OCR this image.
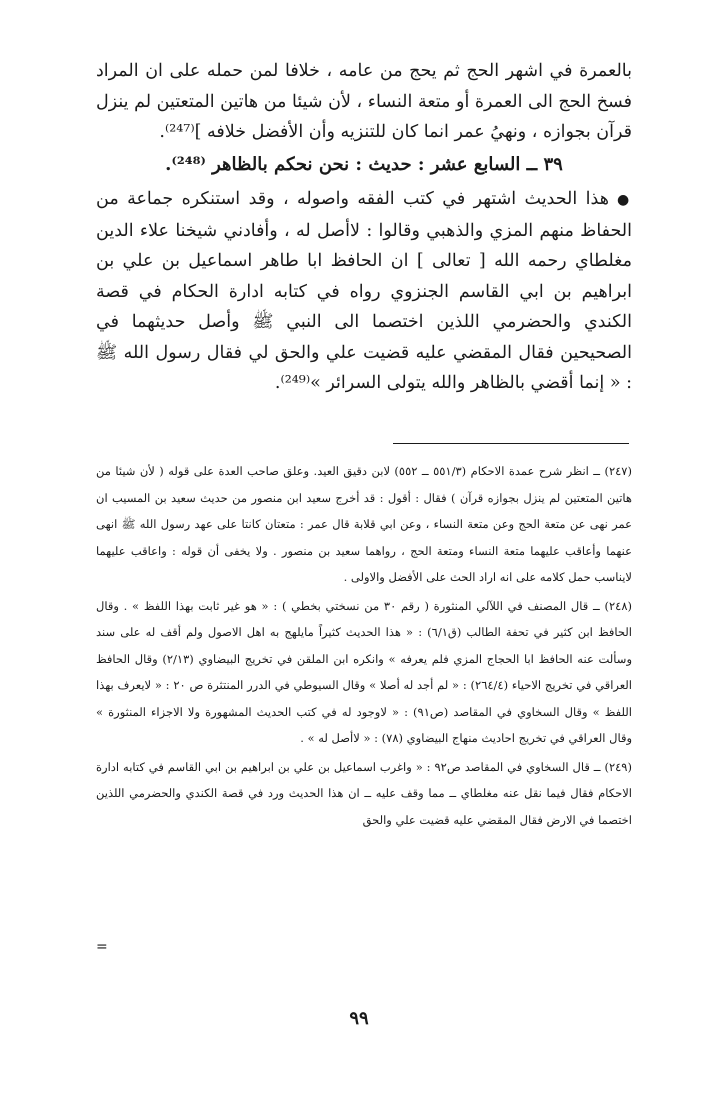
بالعمرة في اشهر الحج ثم يحج من عامه ، خلافا لمن حمله على ان المراد فسخ الحج الى العمرة أو متعة النساء ، لأن شيئا من هاتين المتعتين لم ينزل قرآن بجوازه ، ونهيُ عمر انما كان للتنزيه وأن الأفضل خلافه ]⁽²⁴⁷⁾.

٣٩ ــ السابع عشر : حديث : نحن نحكم بالظاهر ⁽²⁴⁸⁾.

●هذا الحديث اشتهر في كتب الفقه واصوله ، وقد استنكره جماعة من الحفاظ منهم المزي والذهبي وقالوا : لاأصل له ، وأفادني شيخنا علاء الدين مغلطاي رحمه الله [ تعالى ] ان الحافظ ابا طاهر اسماعيل بن علي بن ابراهيم بن ابي القاسم الجنزوي رواه في كتابه ادارة الحكام في قصة الكندي والحضرمي اللذين اختصما الى النبي ﷺ وأصل حديثهما في الصحيحين فقال المقضي عليه قضيت علي والحق لي فقال رسول الله ﷺ : « إنما أقضي بالظاهر والله يتولى السرائر »⁽²⁴⁹⁾.

(٢٤٧) ــ انظر شرح عمدة الاحكام (٥٥١/٣ ــ ٥٥٢) لابن دقيق العيد. وعلق صاحب العدة على قوله ( لأن شيئا من هاتين المتعتين لم ينزل بجوازه قرآن ) فقال : أقول : قد أخرج سعيد ابن منصور من حديث سعيد بن المسيب ان عمر نهى عن متعة الحج وعن متعة النساء ، وعن ابي قلابة قال عمر : متعتان كانتا على عهد رسول الله ﷺ انهى عنهما وأعاقب عليهما متعة النساء ومتعة الحج ، رواهما سعيد بن منصور . ولا يخفى أن قوله : واعاقب عليهما لايناسب حمل كلامه على انه اراد الحث على الأفضل والاولى .

(٢٤٨) ــ قال المصنف في اللآلي المنثورة ( رقم ٣٠ من نسختي بخطي ) : « هو غير ثابت بهذا اللفظ » . وقال الحافظ ابن كثير في تحفة الطالب (ق٦/١) : « هذا الحديث كثيراً مايلهج به اهل الاصول ولم أقف له على سند وسألت عنه الحافظ ابا الحجاج المزي فلم يعرفه » وانكره ابن الملقن في تخريج البيضاوي (٢/١٣) وقال الحافظ العراقي في تخريج الاحياء (٢٦٤/٤) : « لم أجد له أصلا » وقال السيوطي في الدرر المنتثرة ص ٢٠ : « لايعرف بهذا اللفظ » وقال السخاوي في المقاصد (ص٩١) : « لاوجود له في كتب الحديث المشهورة ولا الاجزاء المنثورة » وقال العراقي في تخريج احاديث منهاج البيضاوي (٧٨) : « لاأصل له » .

(٢٤٩) ــ قال السخاوي في المقاصد ص٩٢ : « واغرب اسماعيل بن علي بن ابراهيم بن ابي القاسم في كتابه ادارة الاحكام فقال فيما نقل عنه مغلطاي ــ مما وقف عليه ــ ان هذا الحديث ورد في قصة الكندي والحضرمي اللذين اختصما في الارض فقال المقضي عليه قضيت علي والحق

=
٩٩
